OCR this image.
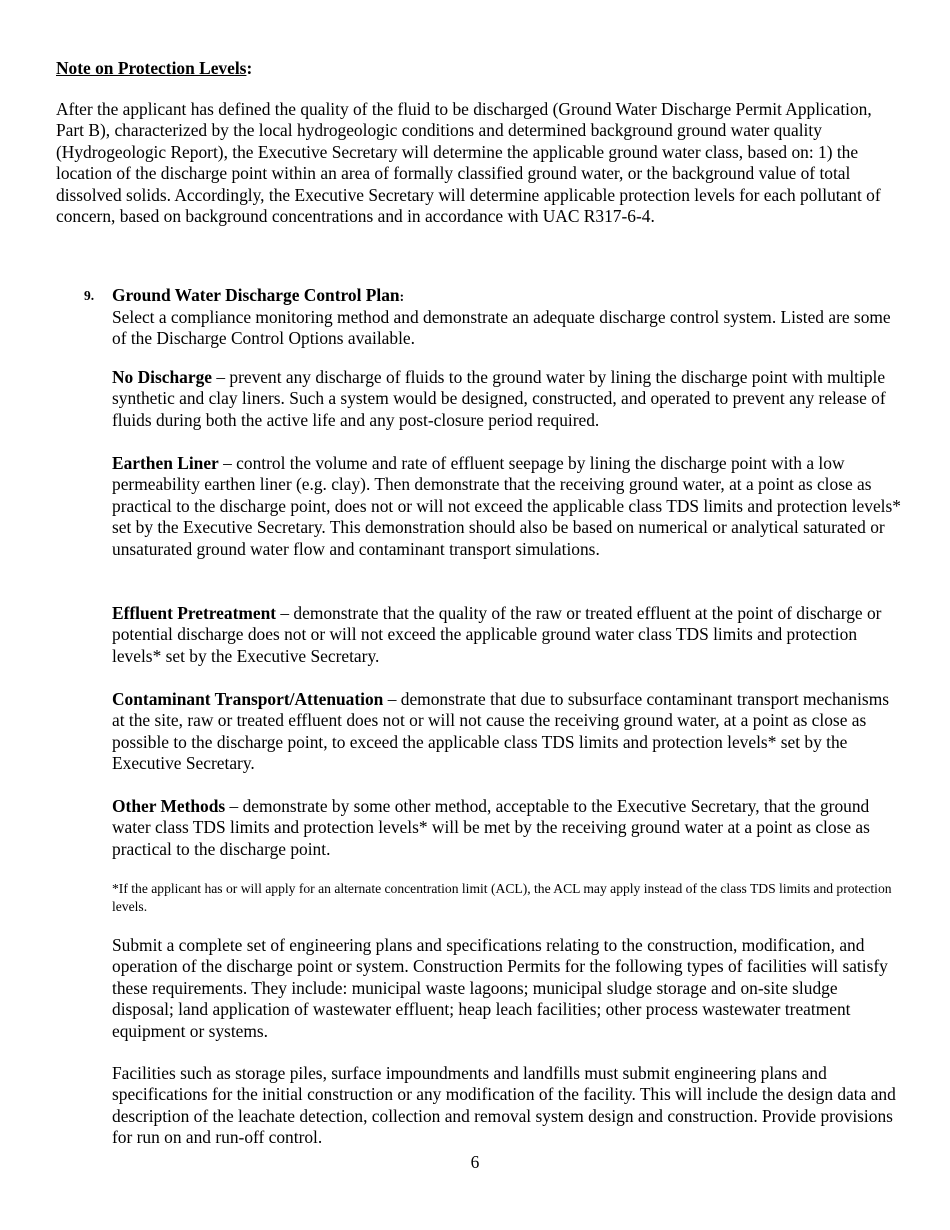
Note on Protection Levels:

After the applicant has defined the quality of the fluid to be discharged (Ground Water Discharge Permit Application, Part B), characterized by the local hydrogeologic conditions and determined background ground water quality (Hydrogeologic Report), the Executive Secretary will determine the applicable ground water class, based on: 1) the location of the discharge point within an area of formally classified ground water, or the background value of total dissolved solids. Accordingly, the Executive Secretary will determine applicable protection levels for each pollutant of concern, based on background concentrations and in accordance with UAC R317-6-4.

9. Ground Water Discharge Control Plan:

Select a compliance monitoring method and demonstrate an adequate discharge control system. Listed are some of the Discharge Control Options available.

No Discharge – prevent any discharge of fluids to the ground water by lining the discharge point with multiple synthetic and clay liners. Such a system would be designed, constructed, and operated to prevent any release of fluids during both the active life and any post-closure period required.

Earthen Liner – control the volume and rate of effluent seepage by lining the discharge point with a low permeability earthen liner (e.g. clay). Then demonstrate that the receiving ground water, at a point as close as practical to the discharge point, does not or will not exceed the applicable class TDS limits and protection levels* set by the Executive Secretary. This demonstration should also be based on numerical or analytical saturated or unsaturated ground water flow and contaminant transport simulations.

Effluent Pretreatment – demonstrate that the quality of the raw or treated effluent at the point of discharge or potential discharge does not or will not exceed the applicable ground water class TDS limits and protection levels* set by the Executive Secretary.

Contaminant Transport/Attenuation – demonstrate that due to subsurface contaminant transport mechanisms at the site, raw or treated effluent does not or will not cause the receiving ground water, at a point as close as possible to the discharge point, to exceed the applicable class TDS limits and protection levels* set by the Executive Secretary.

Other Methods – demonstrate by some other method, acceptable to the Executive Secretary, that the ground water class TDS limits and protection levels* will be met by the receiving ground water at a point as close as practical to the discharge point.

*If the applicant has or will apply for an alternate concentration limit (ACL), the ACL may apply instead of the class TDS limits and protection levels.

Submit a complete set of engineering plans and specifications relating to the construction, modification, and operation of the discharge point or system. Construction Permits for the following types of facilities will satisfy these requirements. They include: municipal waste lagoons; municipal sludge storage and on-site sludge disposal; land application of wastewater effluent; heap leach facilities; other process wastewater treatment equipment or systems.

Facilities such as storage piles, surface impoundments and landfills must submit engineering plans and specifications for the initial construction or any modification of the facility. This will include the design data and description of the leachate detection, collection and removal system design and construction. Provide provisions for run on and run-off control.

6
